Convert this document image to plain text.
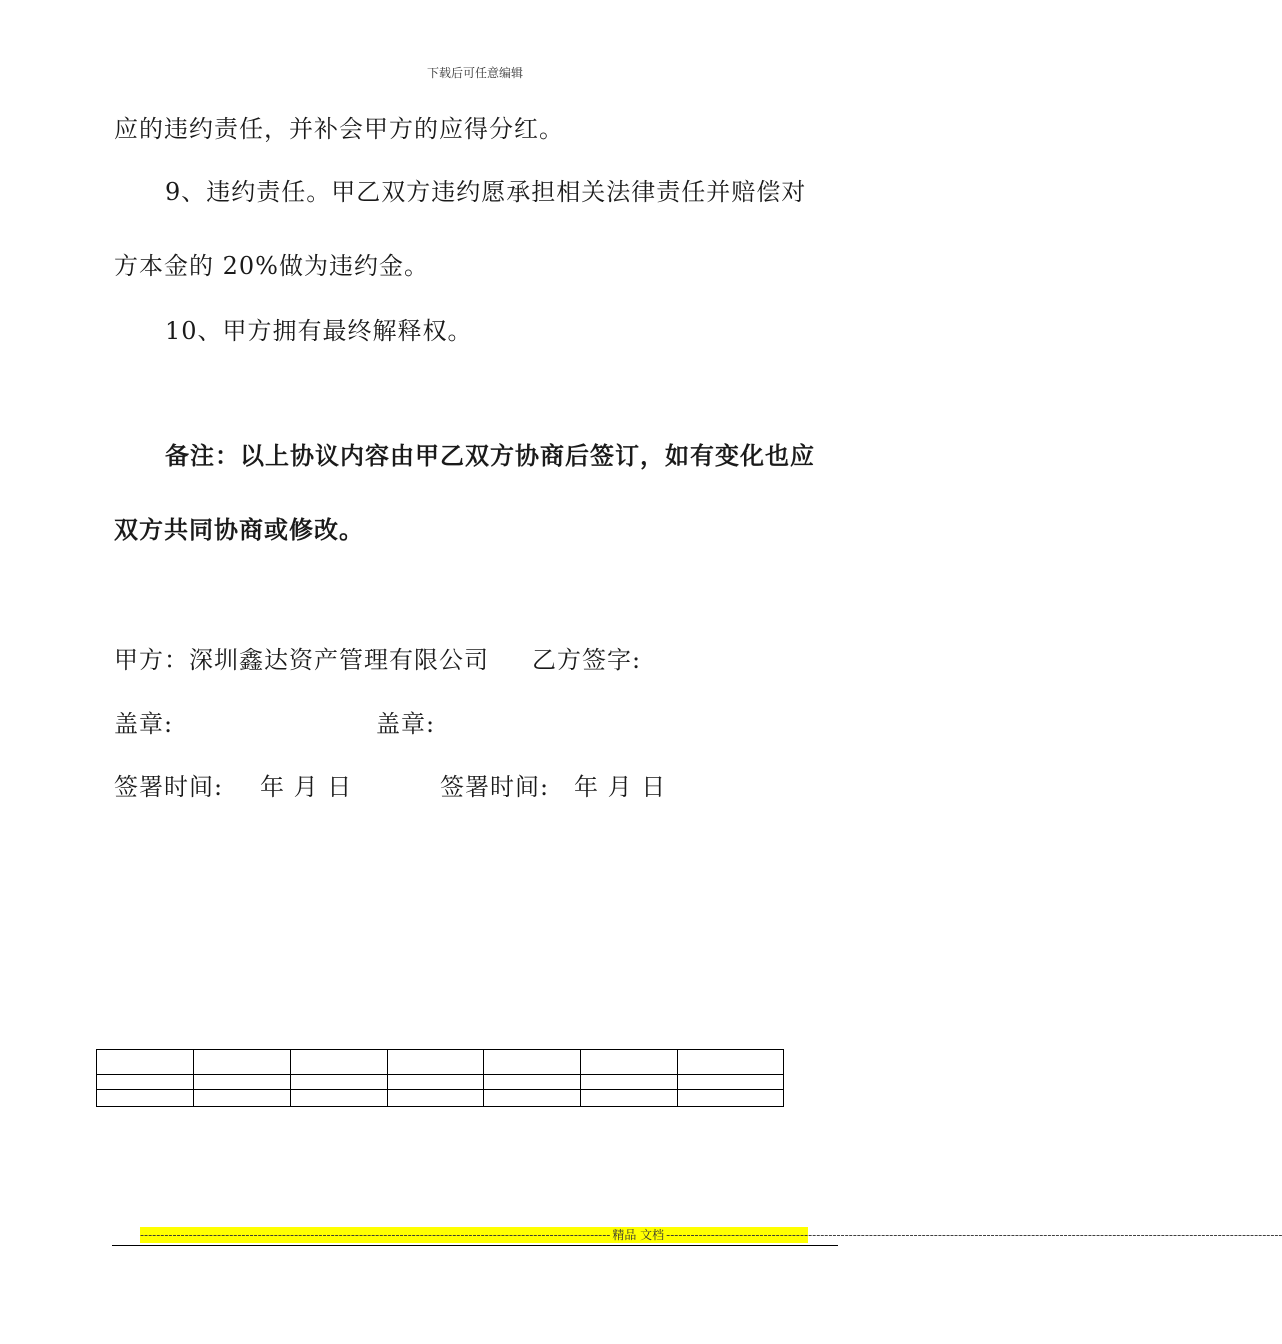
下载后可任意编辑
应的违约责任，并补会甲方的应得分红。
9、违约责任。甲乙双方违约愿承担相关法律责任并赔偿对
方本金的 20%做为违约金。
10、甲方拥有最终解释权。
备注：以上协议内容由甲乙双方协商后签订，如有变化也应
双方共同协商或修改。
甲方：深圳鑫达资产管理有限公司 乙方签字:
盖章:	盖章:
签署时间: 年 月 日	签署时间: 年 月 日

-------------------------------------------------------------------------------------------------------------------- 精品 文档 --------------------------------------------------------------------------------------------------------------------------------------------------------
